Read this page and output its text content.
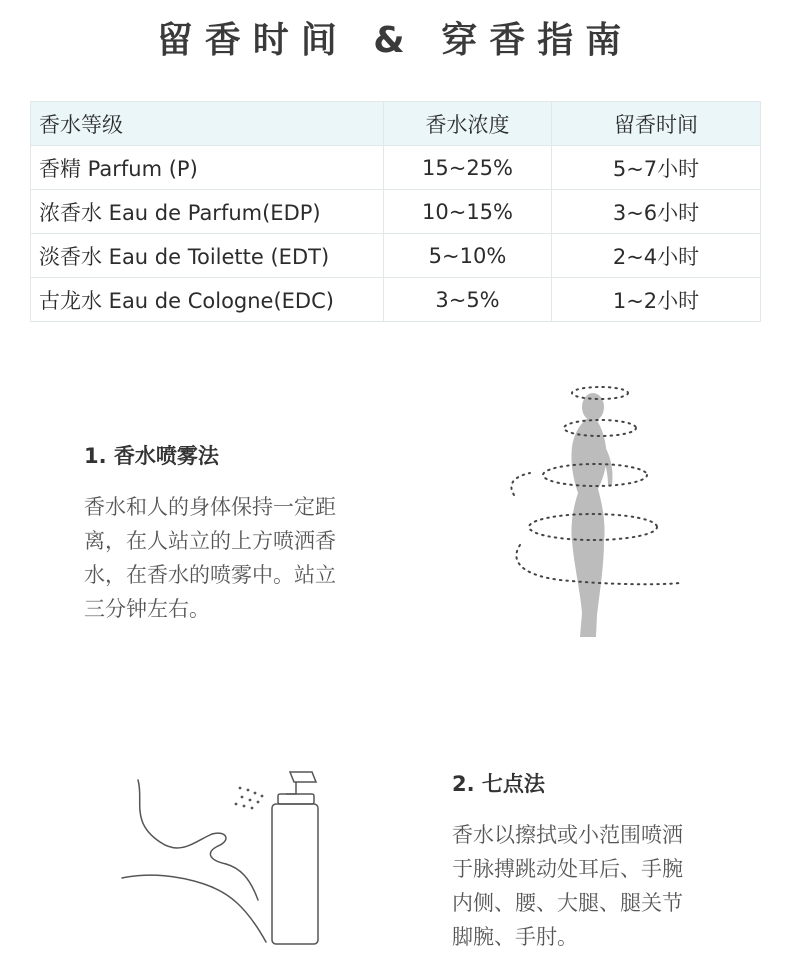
留香时间 & 穿香指南
香水等级	香水浓度	留香时间
香精 Parfum (P)	15~25%	5~7小时
浓香水 Eau de Parfum(EDP)	10~15%	3~6小时
淡香水 Eau de Toilette (EDT)	5~10%	2~4小时
古龙水 Eau de Cologne(EDC)	3~5%	1~2小时
1. 香水喷雾法

香水和人的身体保持一定距
离，在人站立的上方喷洒香
水，在香水的喷雾中。站立
三分钟左右。

2. 七点法

香水以擦拭或小范围喷洒
于脉搏跳动处耳后、手腕
内侧、腰、大腿、腿关节
脚腕、手肘。
